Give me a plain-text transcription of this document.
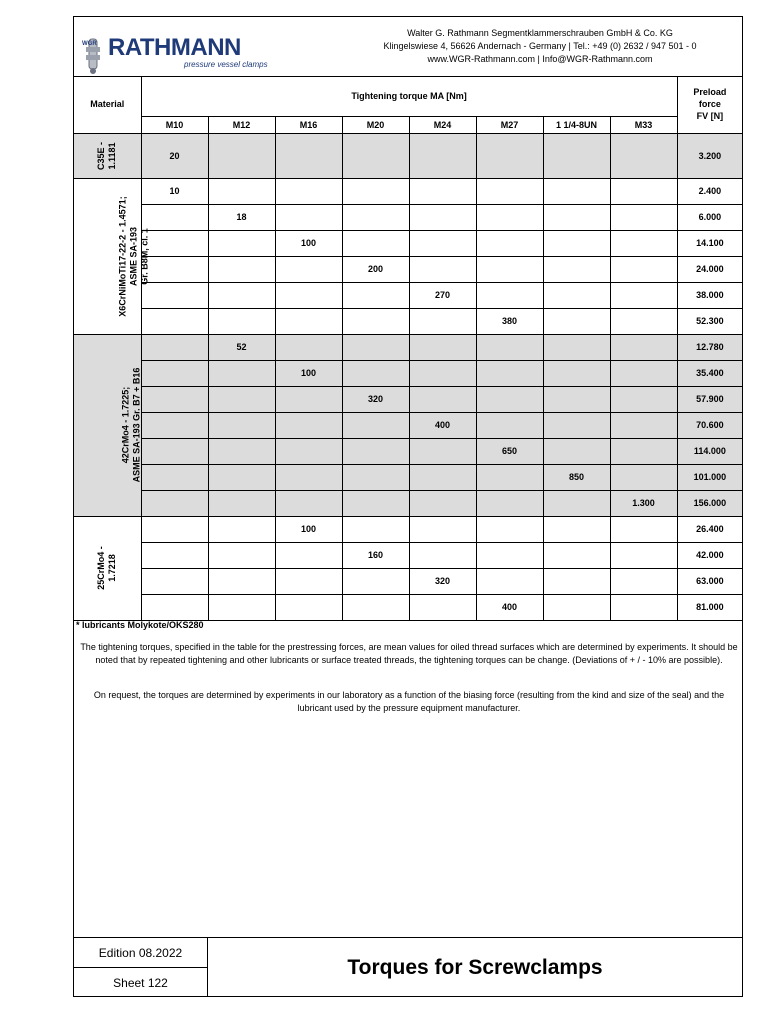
WGR RATHMANN
pressure vessel clamps
Walter G. Rathmann Segmentklammerschrauben GmbH & Co. KG
Klingelswiese 4, 56626 Andernach - Germany | Tel.: +49 (0) 2632 / 947 501 - 0
www.WGR-Rathmann.com | Info@WGR-Rathmann.com
Material	Tightening torque MA [Nm]								Preload
force
FV [N]

	M10	M12	M16	M20	M24	M27	1 1/4-8UN	M33	

C35E - 1.1181	20								3.200

X6CrNiMoTi17-22-2 - 1.4571; ASME SA-193 Gr. B8M, cl. 1	10								2.400
		18							6.000
			100						14.100
				200					24.000
					270				38.000
						380			52.300

42CrMo4 - 1.7225; ASME SA-193 Gr. B7 + B16		52							12.780
			100						35.400
				320					57.900
					400				70.600
						650			114.000
							850		101.000
								1.300	156.000

25CrMo4 - 1.7218			100						26.400
				160					42.000
					320				63.000
						400			81.000
* lubricants Molykote/OKS280
The tightening torques, specified in the table for the prestressing forces, are mean values for oiled thread surfaces which are determined by experiments. It should be noted that by repeated tightening and other lubricants or surface treated threads, the tightening torques can be change. (Deviations of + / - 10% are possible).
On request, the torques are determined by experiments in our laboratory as a function of the biasing force (resulting from the kind and size of the seal) and the lubricant used by the pressure equipment manufacturer.
Edition 08.2022
Sheet 122
Torques for Screwclamps
